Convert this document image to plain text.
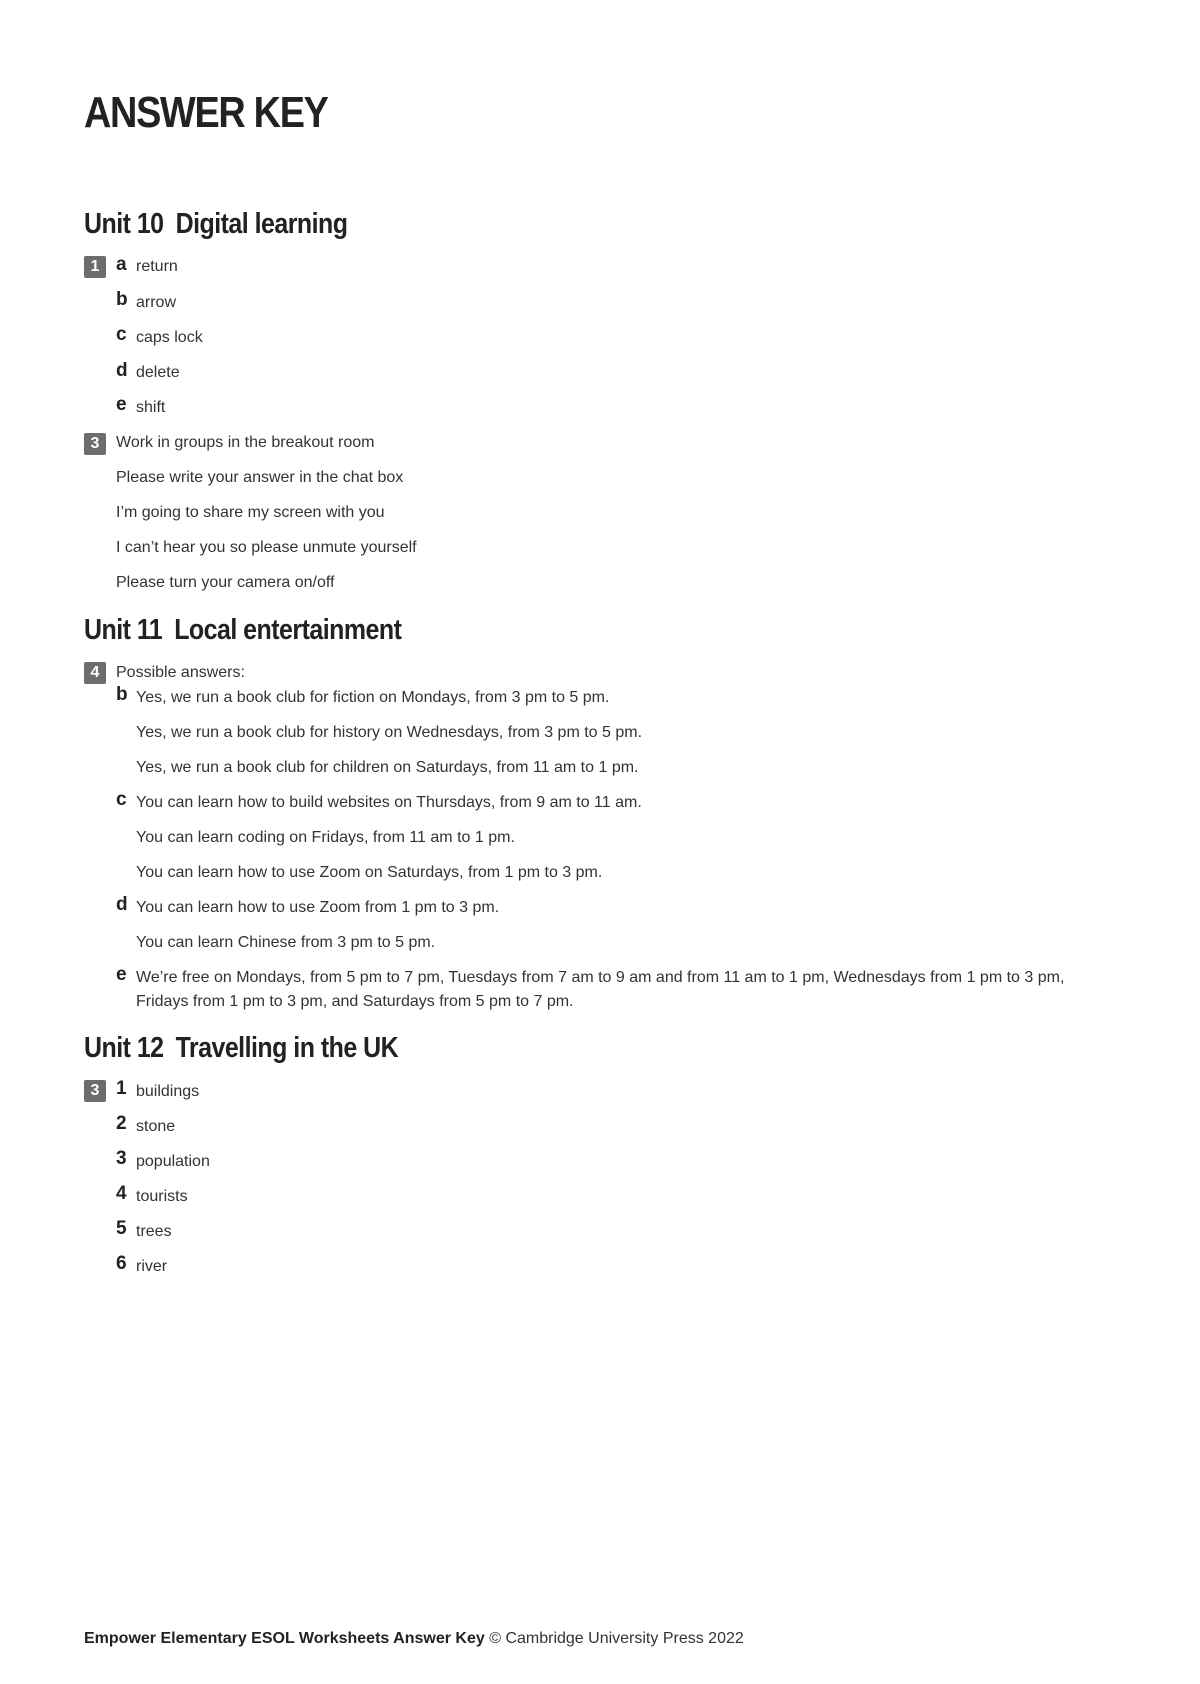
ANSWER KEY
Unit 10 Digital learning
1 a return
b arrow
c caps lock
d delete
e shift
3	Work in groups in the breakout room
Please write your answer in the chat box
I’m going to share my screen with you
I can’t hear you so please unmute yourself
Please turn your camera on/off
Unit 11 Local entertainment
4	Possible answers:
b Yes, we run a book club for fiction on Mondays, from 3 pm to 5 pm.
Yes, we run a book club for history on Wednesdays, from 3 pm to 5 pm.
Yes, we run a book club for children on Saturdays, from 11 am to 1 pm.
c You can learn how to build websites on Thursdays, from 9 am to 11 am.
You can learn coding on Fridays, from 11 am to 1 pm.
You can learn how to use Zoom on Saturdays, from 1 pm to 3 pm.
d You can learn how to use Zoom from 1 pm to 3 pm.
You can learn Chinese from 3 pm to 5 pm.
e We’re free on Mondays, from 5 pm to 7 pm, Tuesdays from 7 am to 9 am and from 11 am to 1 pm, Wednesdays from 1 pm to 3 pm, Fridays from 1 pm to 3 pm, and Saturdays from 5 pm to 7 pm.
Unit 12 Travelling in the UK
3 1 buildings
2 stone
3 population
4 tourists
5 trees
6 river
Empower Elementary ESOL Worksheets Answer Key © Cambridge University Press 2022
